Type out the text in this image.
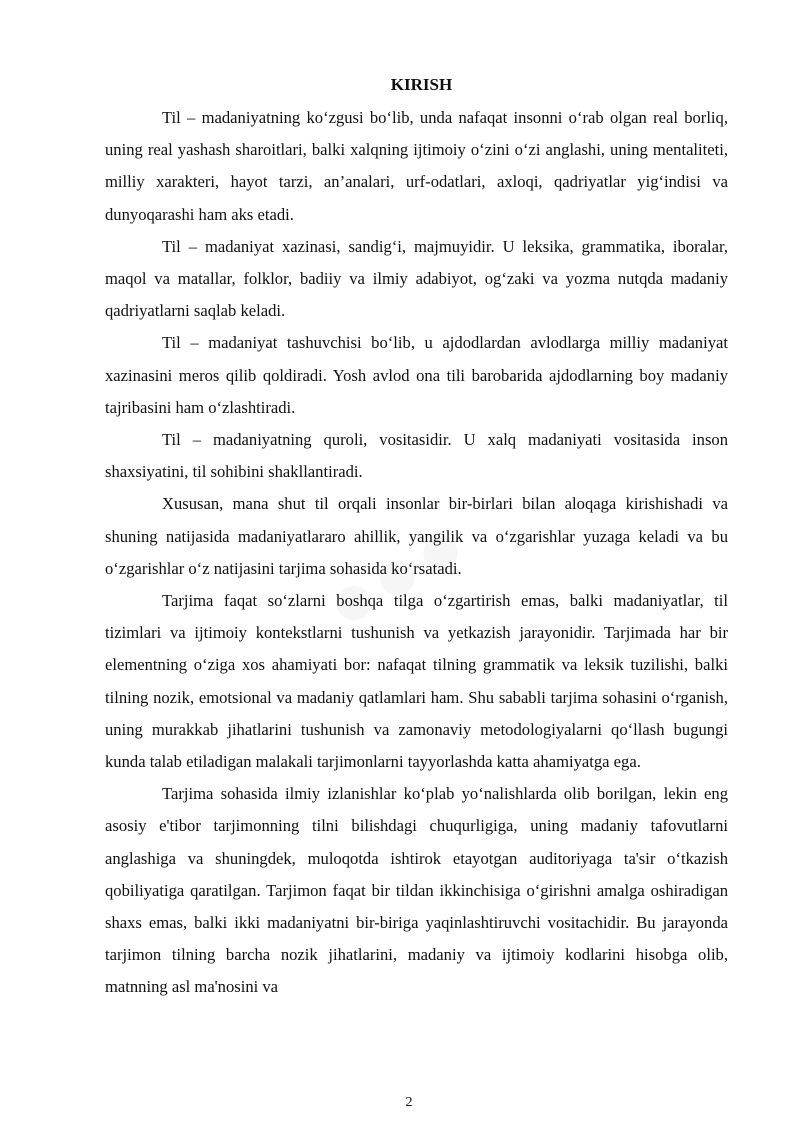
KIRISH

Til – madaniyatning ko‘zgusi bo‘lib, unda nafaqat insonni o‘rab olgan real borliq, uning real yashash sharoitlari, balki xalqning ijtimoiy o‘zini o‘zi anglashi, uning mentaliteti, milliy xarakteri, hayot tarzi, an’analari, urf-odatlari, axloqi, qadriyatlar yig‘indisi va dunyoqarashi ham aks etadi.

Til – madaniyat xazinasi, sandig‘i, majmuyidir. U leksika, grammatika, iboralar, maqol va matallar, folklor, badiiy va ilmiy adabiyot, og‘zaki va yozma nutqda madaniy qadriyatlarni saqlab keladi.

Til – madaniyat tashuvchisi bo‘lib, u ajdodlardan avlodlarga milliy madaniyat xazinasini meros qilib qoldiradi. Yosh avlod ona tili barobarida ajdodlarning boy madaniy tajribasini ham o‘zlashtiradi.

Til – madaniyatning quroli, vositasidir. U xalq madaniyati vositasida inson shaxsiyatini, til sohibini shakllantiradi.

Xususan, mana shut til orqali insonlar bir-birlari bilan aloqaga kirishishadi va shuning natijasida madaniyatlararo ahillik, yangilik va o‘zgarishlar yuzaga keladi va bu o‘zgarishlar o‘z natijasini tarjima sohasida ko‘rsatadi.

Tarjima faqat so‘zlarni boshqa tilga o‘zgartirish emas, balki madaniyatlar, til tizimlari va ijtimoiy kontekstlarni tushunish va yetkazish jarayonidir. Tarjimada har bir elementning o‘ziga xos ahamiyati bor: nafaqat tilning grammatik va leksik tuzilishi, balki tilning nozik, emotsional va madaniy qatlamlari ham. Shu sababli tarjima sohasini o‘rganish, uning murakkab jihatlarini tushunish va zamonaviy metodologiyalarni qo‘llash bugungi kunda talab etiladigan malakali tarjimonlarni tayyorlashda katta ahamiyatga ega.

Tarjima sohasida ilmiy izlanishlar ko‘plab yo‘nalishlarda olib borilgan, lekin eng asosiy e'tibor tarjimonning tilni bilishdagi chuqurligiga, uning madaniy tafovutlarni anglashiga va shuningdek, muloqotda ishtirok etayotgan auditoriyaga ta'sir o‘tkazish qobiliyatiga qaratilgan. Tarjimon faqat bir tildan ikkinchisiga o‘girishni amalga oshiradigan shaxs emas, balki ikki madaniyatni bir-biriga yaqinlashtiruvchi vositachidir. Bu jarayonda tarjimon tilning barcha nozik jihatlarini, madaniy va ijtimoiy kodlarini hisobga olib, matnning asl ma'nosini va

2
